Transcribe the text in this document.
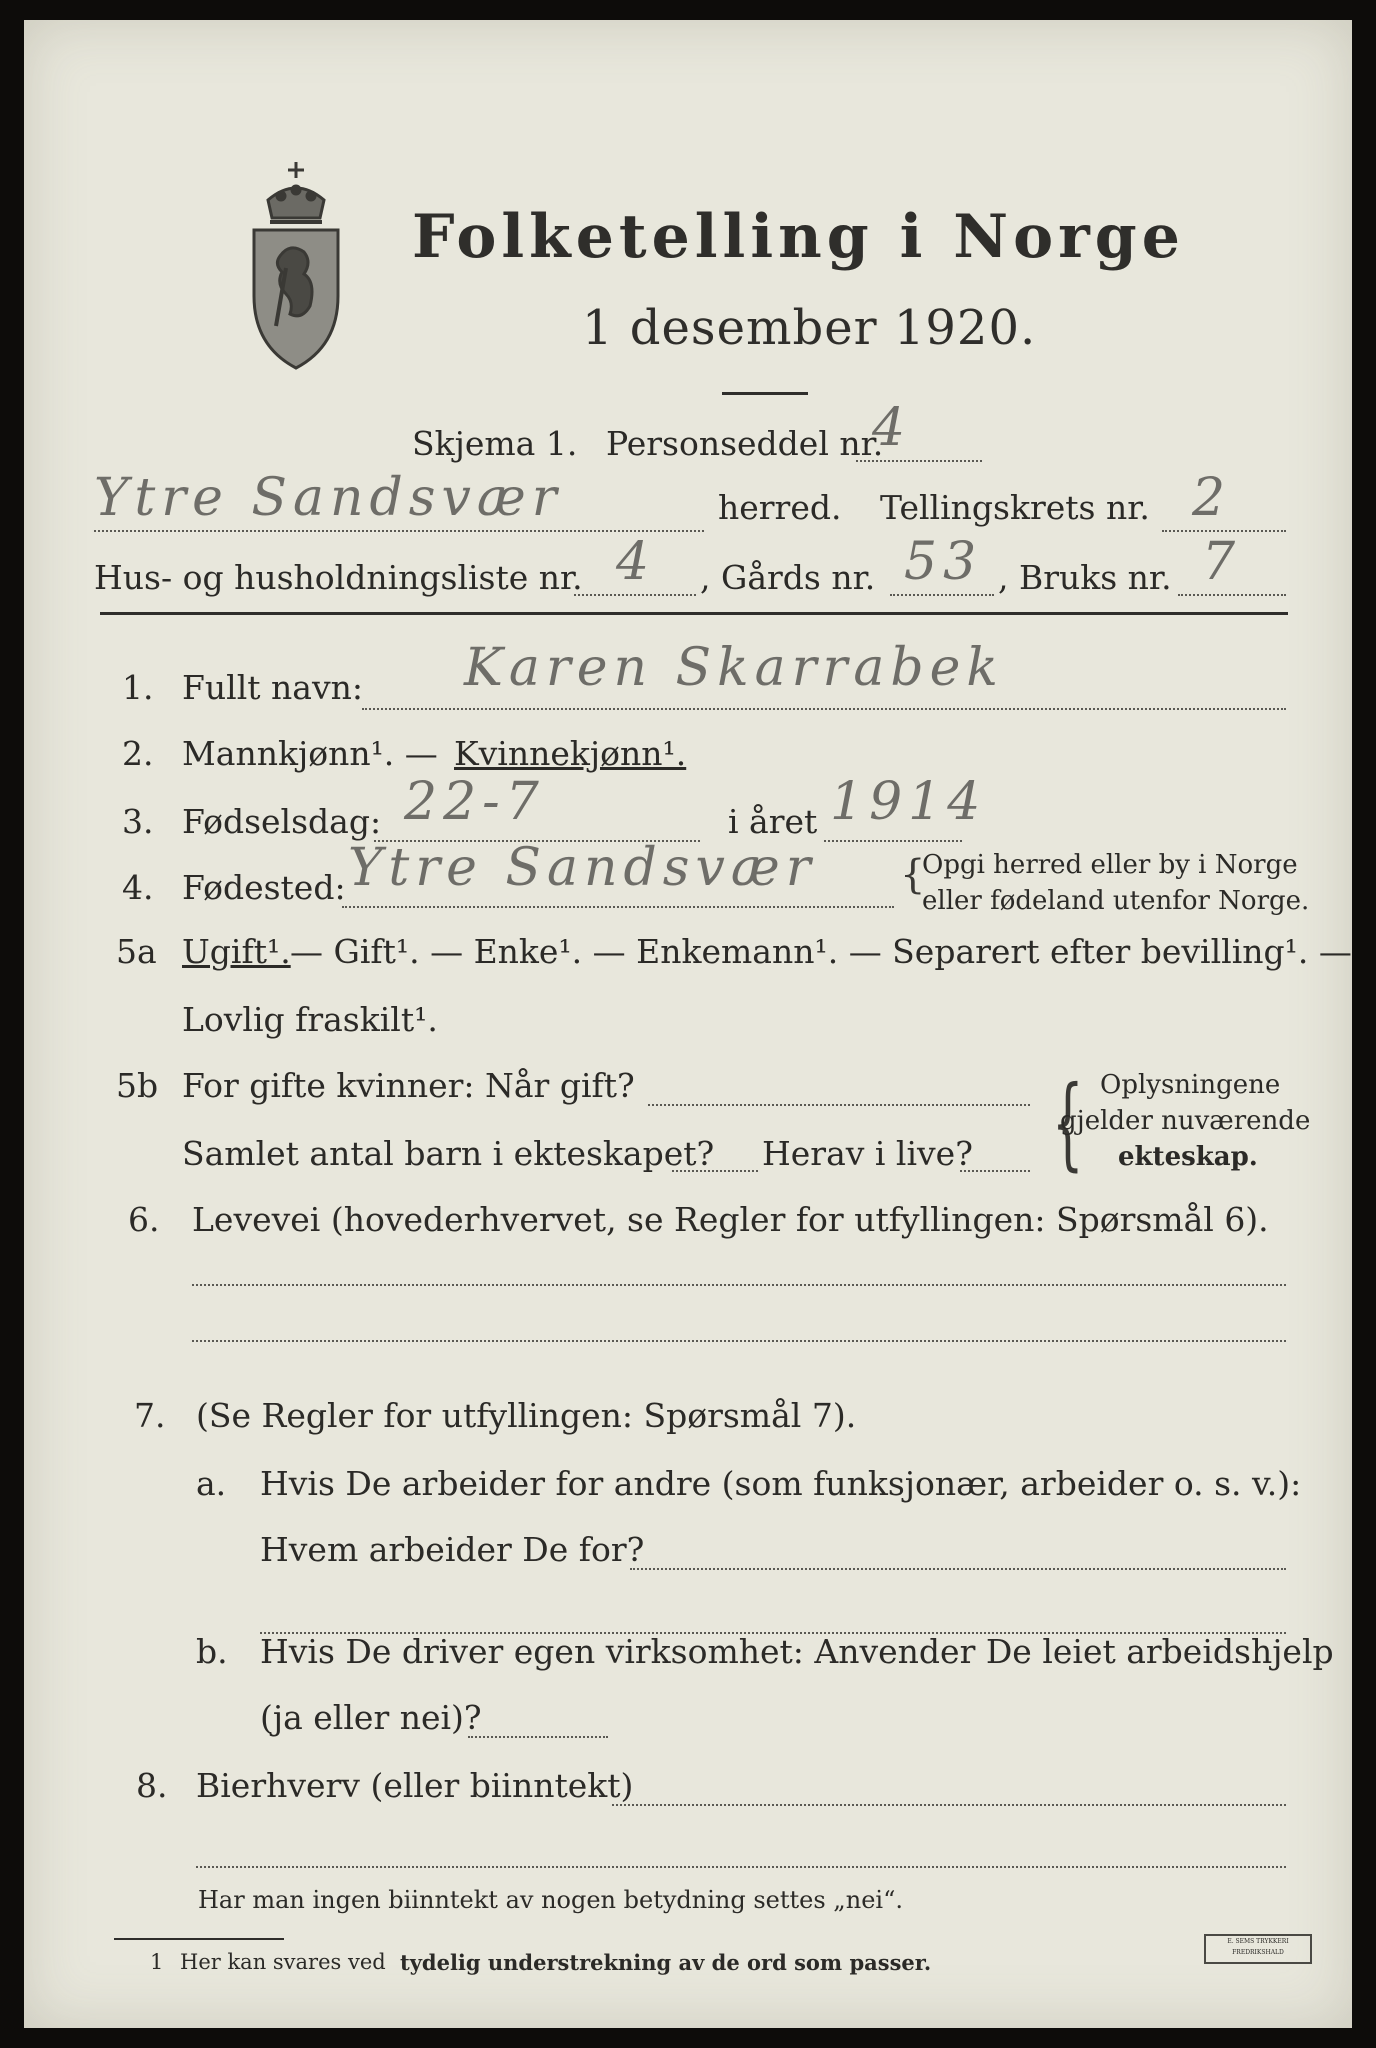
Folketelling i Norge
1 desember 1920.
Skjema 1. Personseddel nr.
4
Ytre Sandsvær	herred. Tellingskrets nr. 2
Hus- og husholdningsliste nr. 4 , Gårds nr. 53 , Bruks nr. 7
1. Fullt navn: Karen Skarrabek
2. Mannkjønn¹. — Kvinnekjønn¹.
3. Fødselsdag: 22-7	i året 1914
4. Fødested: Ytre Sandsvær {
Opgi herred eller by i Norge
eller fødeland utenfor Norge.
5a Ugift¹. — Gift¹. — Enke¹. — Enkemann¹. — Separert efter bevilling¹. —
Lovlig fraskilt¹.
5b For gifte kvinner: Når gift?
Samlet antal barn i ekteskapet? Herav i live? { Oplysningene
gjelder nuværende
ekteskap.
6. Levevei (hovederhvervet, se Regler for utfyllingen: Spørsmål 6).
7. (Se Regler for utfyllingen: Spørsmål 7).
a. Hvis De arbeider for andre (som funksjonær, arbeider o. s. v.):
Hvem arbeider De for?
b. Hvis De driver egen virksomhet: Anvender De leiet arbeidshjelp
(ja eller nei)?
8. Bierhverv (eller biinntekt)
Har man ingen biinntekt av nogen betydning settes „nei“.
1 Her kan svares ved tydelig understrekning av de ord som passer.
E. SEMS TRYKKERI
FREDRIKSHALD
